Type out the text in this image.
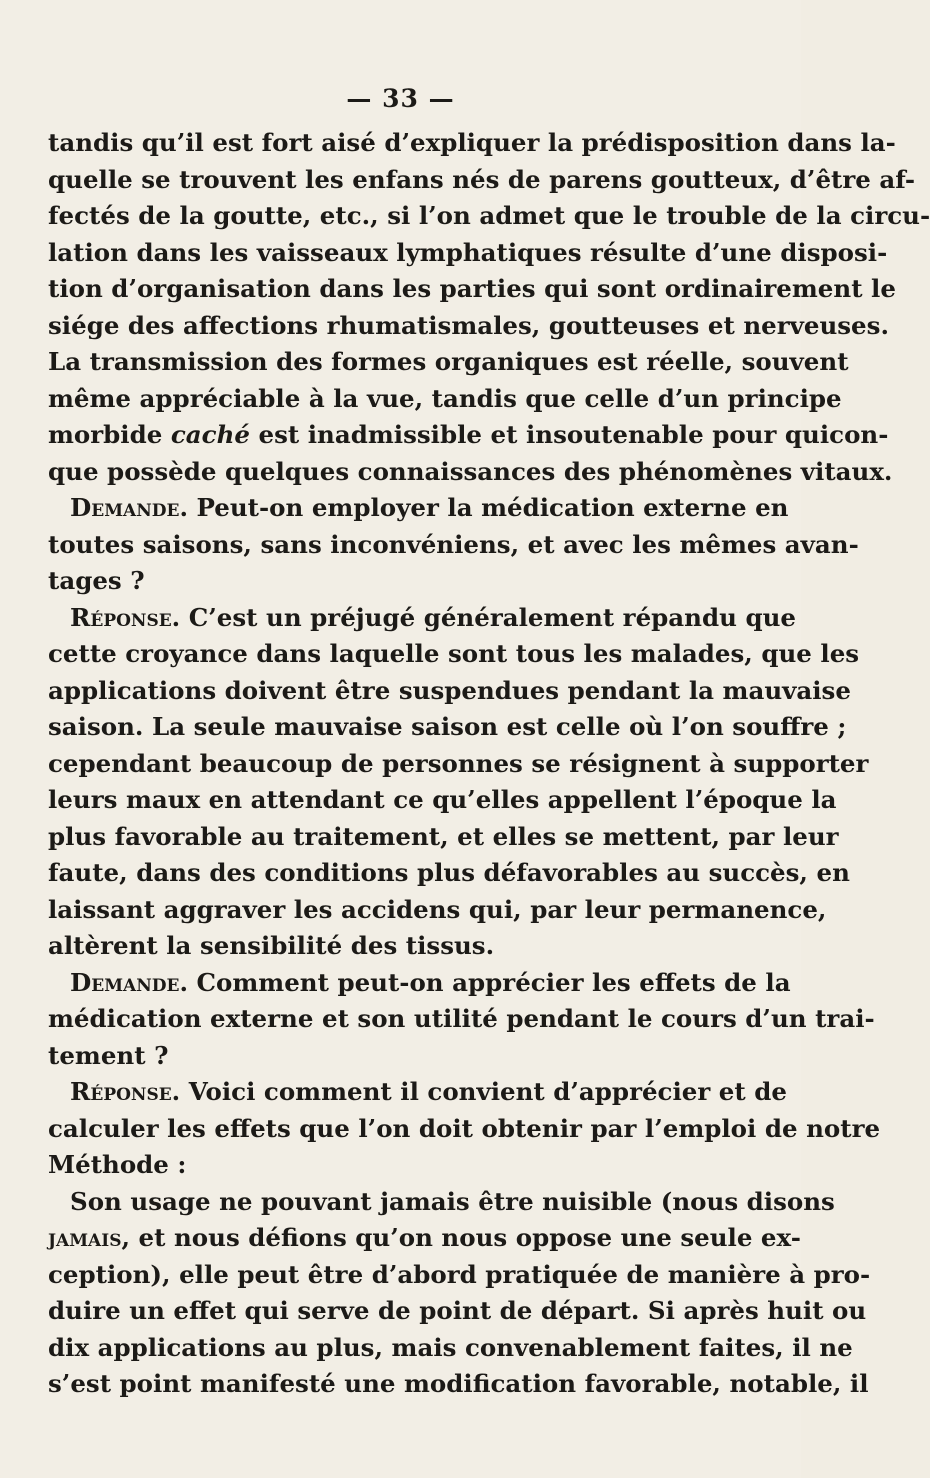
— 33 —
tandis qu’il est fort aisé d’expliquer la prédisposition dans la-
quelle se trouvent les enfans nés de parens goutteux, d’être af-
fectés de la goutte, etc., si l’on admet que le trouble de la circu-
lation dans les vaisseaux lymphatiques résulte d’une disposi-
tion d’organisation dans les parties qui sont ordinairement le
siége des affections rhumatismales, goutteuses et nerveuses.
La transmission des formes organiques est réelle, souvent
même appréciable à la vue, tandis que celle d’un principe
morbide caché est inadmissible et insoutenable pour quicon-
que possède quelques connaissances des phénomènes vitaux.
Demande. Peut-on employer la médication externe en
toutes saisons, sans inconvéniens, et avec les mêmes avan-
tages ?
Réponse. C’est un préjugé généralement répandu que
cette croyance dans laquelle sont tous les malades, que les
applications doivent être suspendues pendant la mauvaise
saison. La seule mauvaise saison est celle où l’on souffre ;
cependant beaucoup de personnes se résignent à supporter
leurs maux en attendant ce qu’elles appellent l’époque la
plus favorable au traitement, et elles se mettent, par leur
faute, dans des conditions plus défavorables au succès, en
laissant aggraver les accidens qui, par leur permanence,
altèrent la sensibilité des tissus.
Demande. Comment peut-on apprécier les effets de la
médication externe et son utilité pendant le cours d’un trai-
tement ?
Réponse. Voici comment il convient d’apprécier et de
calculer les effets que l’on doit obtenir par l’emploi de notre
Méthode :
Son usage ne pouvant jamais être nuisible (nous disons
jamais, et nous défions qu’on nous oppose une seule ex-
ception), elle peut être d’abord pratiquée de manière à pro-
duire un effet qui serve de point de départ. Si après huit ou
dix applications au plus, mais convenablement faites, il ne
s’est point manifesté une modification favorable, notable, il
